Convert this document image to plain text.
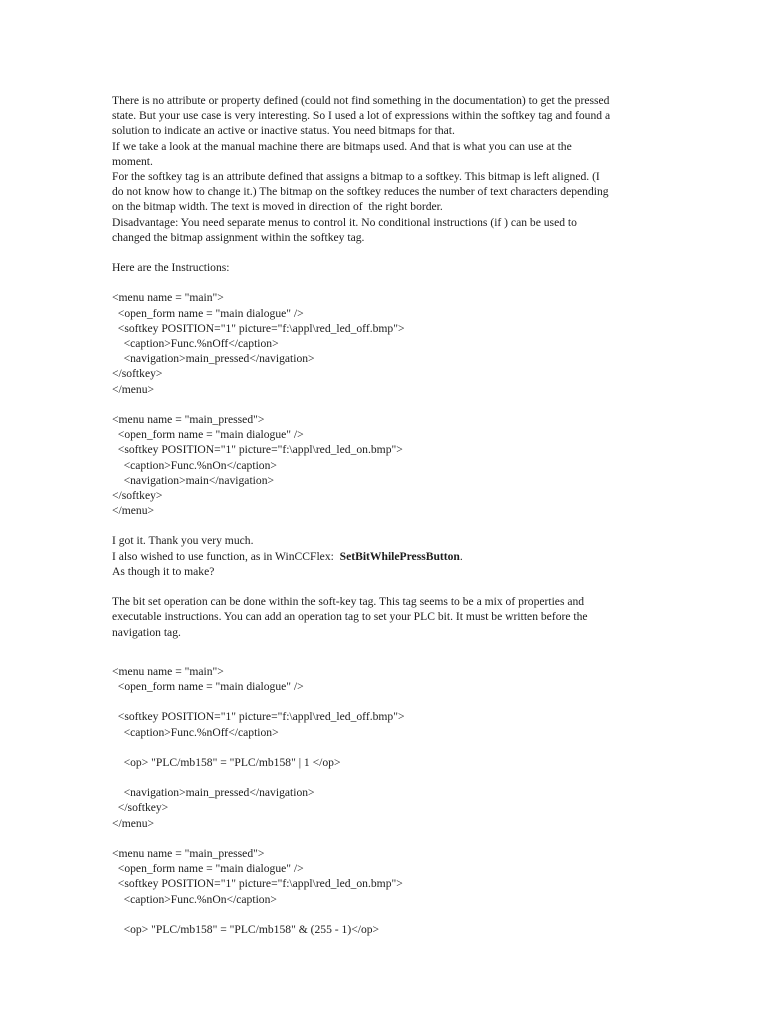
There is no attribute or property defined (could not find something in the documentation) to get the pressed
state. But your use case is very interesting. So I used a lot of expressions within the softkey tag and found a
solution to indicate an active or inactive status. You need bitmaps for that.
If we take a look at the manual machine there are bitmaps used. And that is what you can use at the
moment.
For the softkey tag is an attribute defined that assigns a bitmap to a softkey. This bitmap is left aligned. (I
do not know how to change it.) The bitmap on the softkey reduces the number of text characters depending
on the bitmap width. The text is moved in direction of  the right border.
Disadvantage: You need separate menus to control it. No conditional instructions (if ) can be used to
changed the bitmap assignment within the softkey tag.
Here are the Instructions:
<menu name = "main">
<open_form name = "main dialogue" />
<softkey POSITION="1" picture="f:\appl\red_led_off.bmp">
<caption>Func.%nOff</caption>
<navigation>main_pressed</navigation>
</softkey>
</menu>
<menu name = "main_pressed">
<open_form name = "main dialogue" />
<softkey POSITION="1" picture="f:\appl\red_led_on.bmp">
<caption>Func.%nOn</caption>
<navigation>main</navigation>
</softkey>
</menu>
I got it. Thank you very much.
I also wished to use function, as in WinCCFlex:  SetBitWhilePressButton.
As though it to make?
The bit set operation can be done within the soft-key tag. This tag seems to be a mix of properties and
executable instructions. You can add an operation tag to set your PLC bit. It must be written before the
navigation tag.
<menu name = "main">
<open_form name = "main dialogue" />
<softkey POSITION="1" picture="f:\appl\red_led_off.bmp">
<caption>Func.%nOff</caption>
<op> "PLC/mb158" = "PLC/mb158" | 1 </op>
<navigation>main_pressed</navigation>
</softkey>
</menu>
<menu name = "main_pressed">
<open_form name = "main dialogue" />
<softkey POSITION="1" picture="f:\appl\red_led_on.bmp">
<caption>Func.%nOn</caption>
<op> "PLC/mb158" = "PLC/mb158" & (255 - 1)</op>
